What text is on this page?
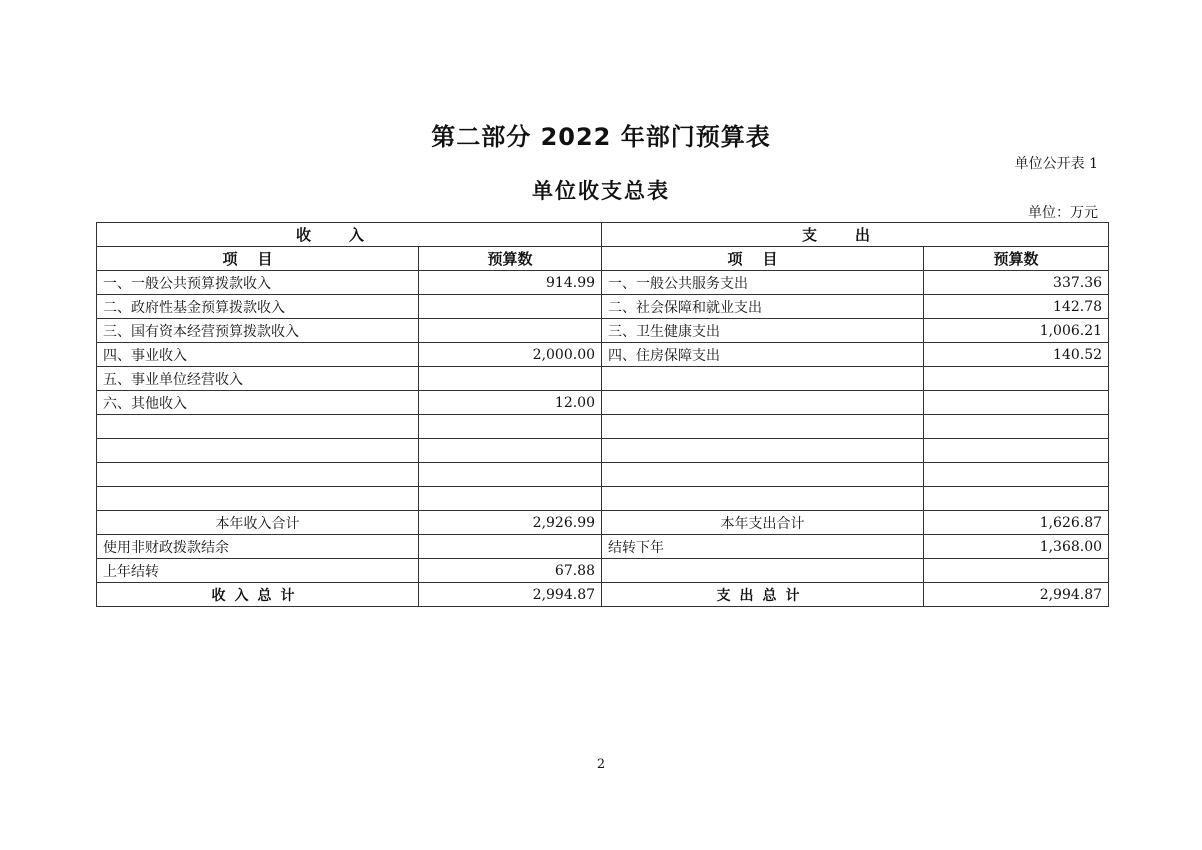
第二部分 2022 年部门预算表
单位公开表 1
单位收支总表
单位：万元
收入		支出	
项目	预算数	项目	预算数
一、一般公共预算拨款收入	914.99	一、一般公共服务支出	337.36
二、政府性基金预算拨款收入		二、社会保障和就业支出	142.78
三、国有资本经营预算拨款收入		三、卫生健康支出	1,006.21
四、事业收入	2,000.00	四、住房保障支出	140.52
五、事业单位经营收入			
六、其他收入	12.00		

本年收入合计	2,926.99	本年支出合计	1,626.87
使用非财政拨款结余		结转下年	1,368.00
上年结转	67.88		
收入总计	2,994.87	支出总计	2,994.87
2
